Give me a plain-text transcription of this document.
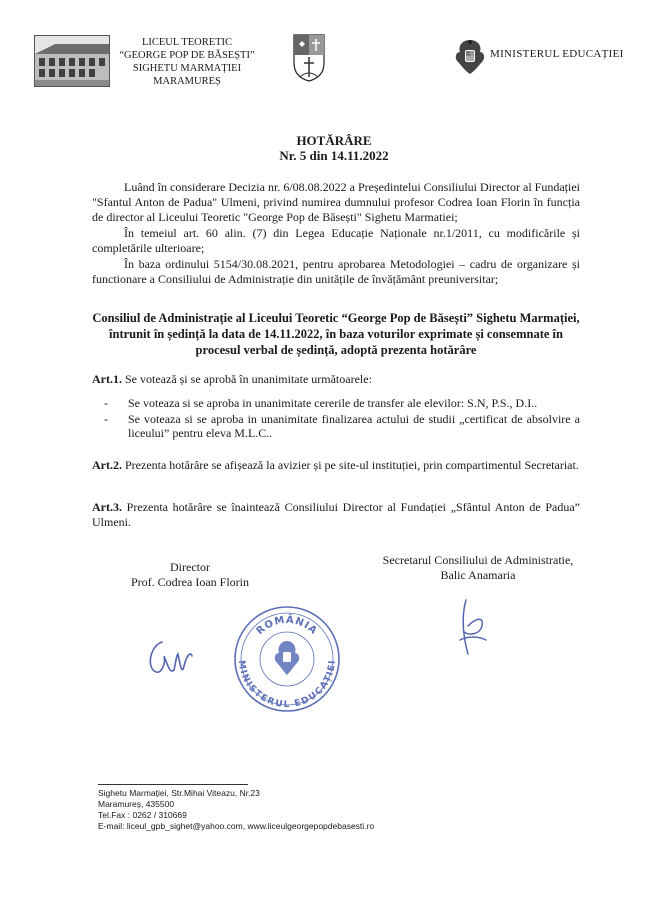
LICEUL TEORETIC
“GEORGE POP DE BĂSEȘTI”
SIGHETU MARMAȚIEI
MARAMUREȘ
MINISTERUL EDUCAȚIEI
HOTĂRÂRE
Nr. 5 din 14.11.2022
Luând în considerare Decizia nr. 6/08.08.2022 a Președintelui Consiliului Director al Fundației "Sfantul Anton de Padua" Ulmeni, privind numirea dumnului profesor Codrea Ioan Florin în funcția de director al Liceului Teoretic "George Pop de Băsești" Sighetu Marmatiei;
În temeiul art. 60 alin. (7) din Legea Educație Naționale nr.1/2011, cu modificările și completările ulterioare;
În baza ordinului 5154/30.08.2021, pentru aprobarea Metodologiei – cadru de organizare și functionare a Consiliului de Administrație din unitățile de învățământ preuniversitar;
Consiliul de Administrație al Liceului Teoretic “George Pop de Băsești” Sighetu Marmației, întrunit în ședință la data de 14.11.2022, în baza voturilor exprimate și consemnate în procesul verbal de ședință, adoptă prezenta hotărâre
Art.1. Se votează și se aprobă în unanimitate următoarele:
- Se voteaza si se aproba in unanimitate cererile de transfer ale elevilor: S.N, P.S., D.I..
- Se voteaza si se aproba in unanimitate finalizarea actului de studii „certificat de absolvire a liceului” pentru eleva M.L.C..
Art.2. Prezenta hotărâre se afișează la avizier și pe site-ul instituției, prin compartimentul Secretariat.
Art.3. Prezenta hotărâre se înaintează Consiliului Director al Fundației „Sfântul Anton de Padua” Ulmeni.
Director
Prof. Codrea Ioan Florin
Secretarul Consiliului de Administratie,
Balic Anamaria
ROMÂNIA
MINISTERUL EDUCAȚIEI
Sighetu Marmației, Str.Mihai Viteazu, Nr.23
Maramureș, 435500
Tel.Fax : 0262 / 310669
E-mail: liceul_gpb_sighet@yahoo.com, www.liceulgeorgepopdebasesti.ro
